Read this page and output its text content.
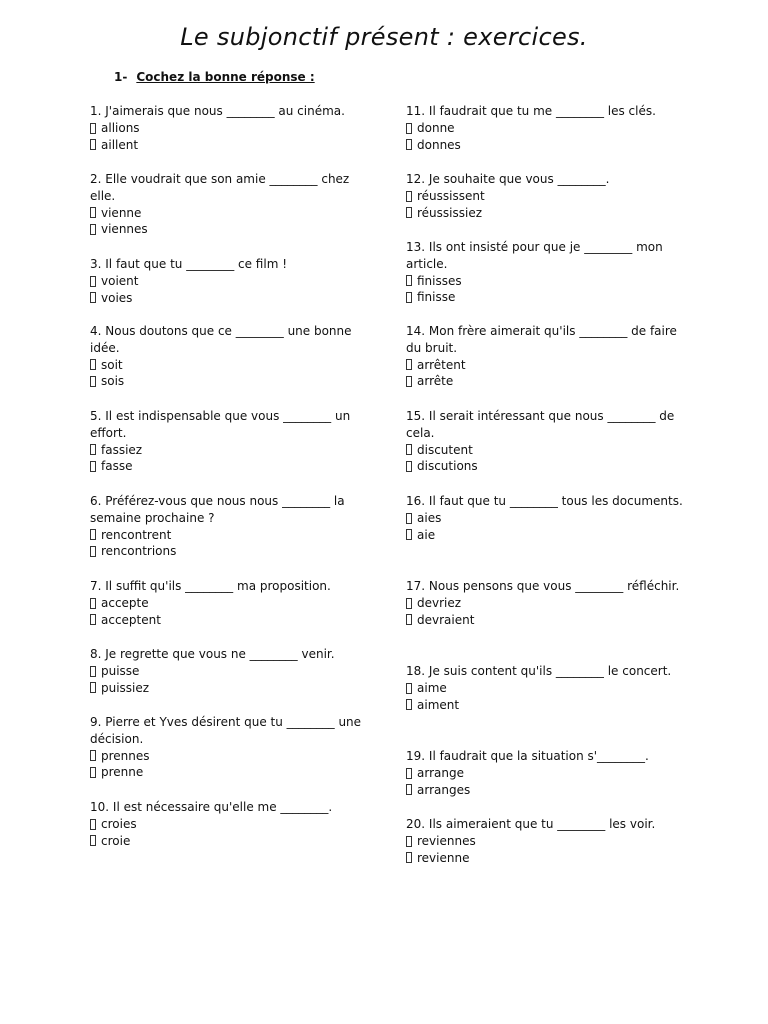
Le subjonctif présent : exercices.
1- Cochez la bonne réponse :
1. J'aimerais que nous ________ au cinéma.
allions
aillent
2. Elle voudrait que son amie ________ chez elle.
vienne
viennes
3. Il faut que tu ________ ce film !
voient
voies
4. Nous doutons que ce ________ une bonne idée.
soit
sois
5. Il est indispensable que vous ________ un effort.
fassiez
fasse
6. Préférez-vous que nous nous ________ la semaine prochaine ?
rencontrent
rencontrions
7. Il suffit qu'ils ________ ma proposition.
accepte
acceptent
8. Je regrette que vous ne ________ venir.
puisse
puissiez
9. Pierre et Yves désirent que tu ________ une décision.
prennes
prenne
10. Il est nécessaire qu'elle me ________.
croies
croie
11. Il faudrait que tu me ________ les clés.
donne
donnes
12. Je souhaite que vous ________.
réussissent
réussissiez
13. Ils ont insisté pour que je ________ mon article.
finisses
finisse
14. Mon frère aimerait qu'ils ________ de faire du bruit.
arrêtent
arrête
15. Il serait intéressant que nous ________ de cela.
discutent
discutions
16. Il faut que tu ________ tous les documents.
aies
aie
17. Nous pensons que vous ________ réfléchir.
devriez
devraient
18. Je suis content qu'ils ________ le concert.
aime
aiment
19. Il faudrait que la situation s'________.
arrange
arranges
20. Ils aimeraient que tu ________ les voir.
reviennes
revienne
